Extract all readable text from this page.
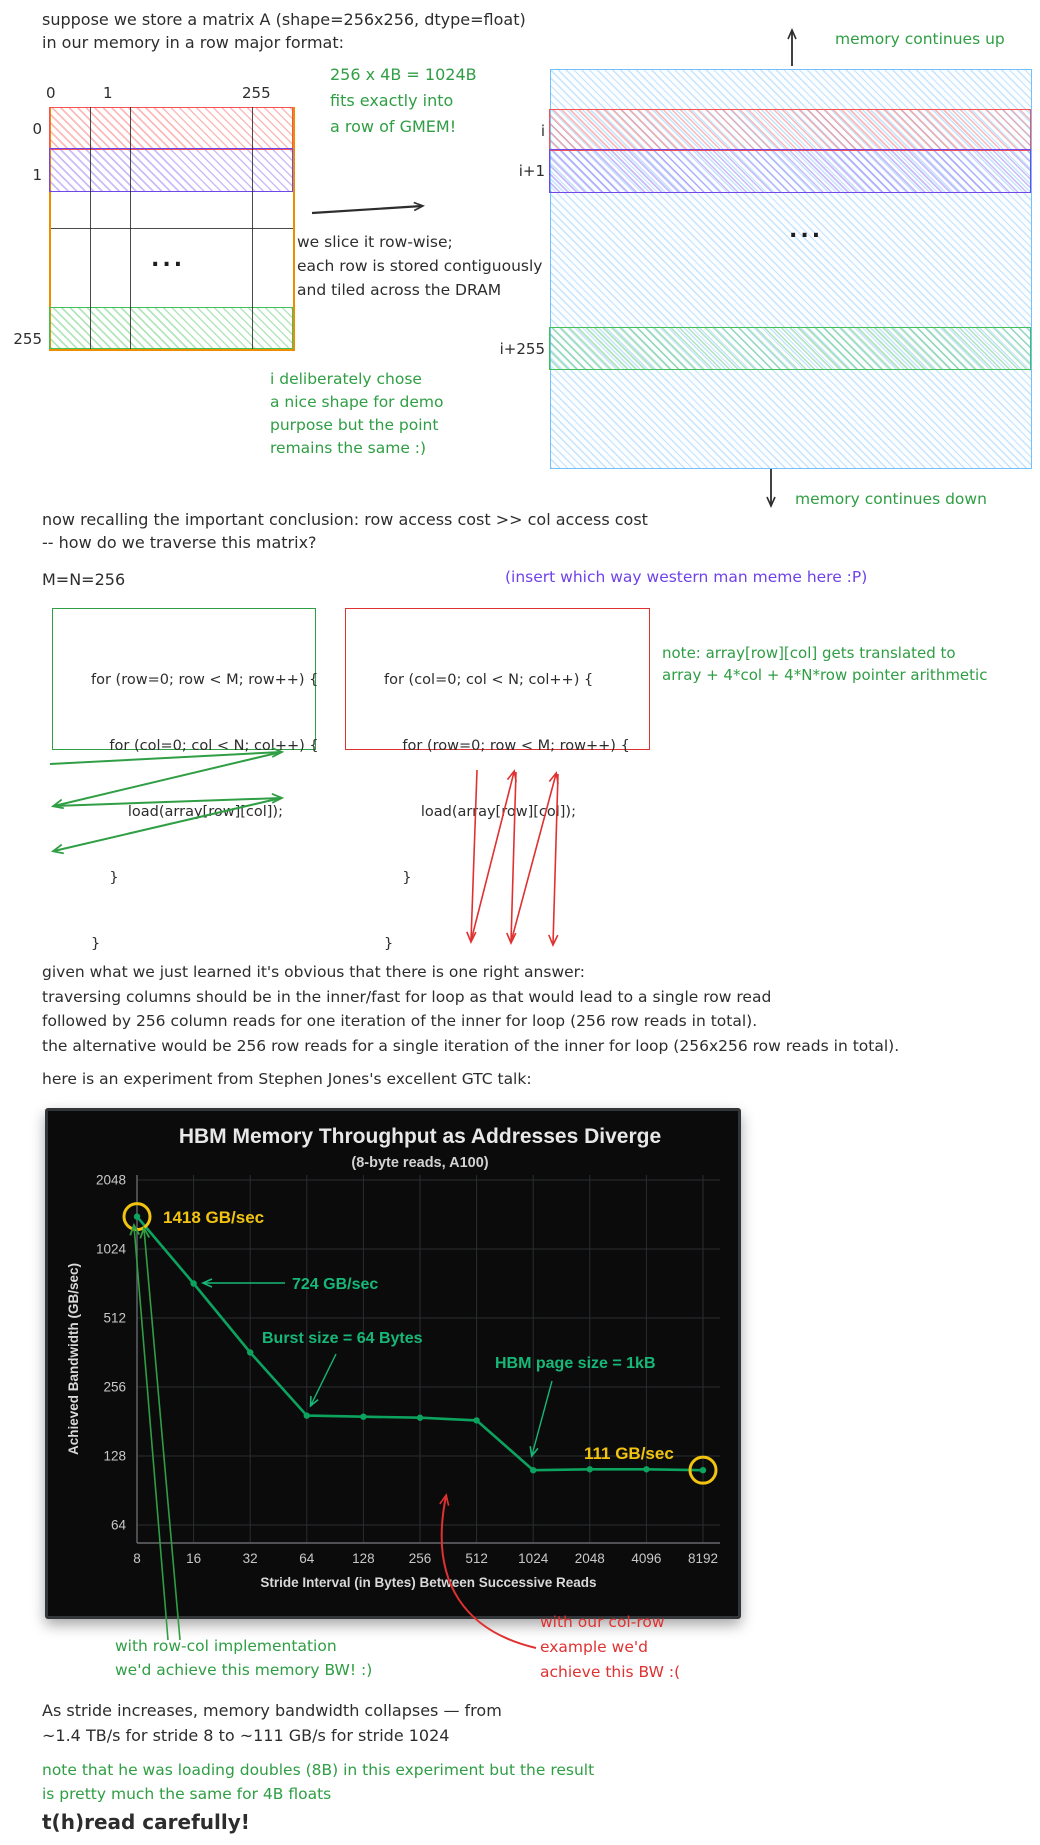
suppose we store a matrix A (shape=256x256, dtype=float)
in our memory in a row major format:
256 x 4B = 1024B
fits exactly into
a row of GMEM!
0	1	255
0
1
255
...
we slice it row-wise;
each row is stored contiguously
and tiled across the DRAM
i deliberately chose
a nice shape for demo
purpose but the point
remains the same :)
memory continues up
memory continues down
i
i+1
i+255
...
now recalling the important conclusion: row access cost >> col access cost
-- how do we traverse this matrix?
M=N=256	(insert which way western man meme here :P)

for (row=0; row < M; row++) {

for (col=0; col < N; col++) {

load(array[row][col]);

}

}

for (col=0; col < N; col++) {

for (row=0; row < M; row++) {

load(array[row][col]);

}

}

note: array[row][col] gets translated to
array + 4*col + 4*N*row pointer arithmetic
given what we just learned it's obvious that there is one right answer:
traversing columns should be in the inner/fast for loop as that would lead to a single row read
followed by 256 column reads for one iteration of the inner for loop (256 row reads in total).
the alternative would be 256 row reads for a single iteration of the inner for loop (256x256 row reads in total).
here is an experiment from Stephen Jones's excellent GTC talk:
HBM Memory Throughput as Addresses Diverge
(8-byte reads, A100)
2048
1024
512
256
128
64
8	16	32	64	128	256	512 1024 2048 4096 8192
Stride Interval (in Bytes) Between Successive Reads
Achieved Bandwidth (GB/sec)
1418 GB/sec
724 GB/sec
Burst size = 64 Bytes
HBM page size = 1kB
111 GB/sec
with row-col implementation
we'd achieve this memory BW! :)
with our col-row
example we'd
achieve this BW :(
As stride increases, memory bandwidth collapses — from
~1.4 TB/s for stride 8 to ~111 GB/s for stride 1024
note that he was loading doubles (8B) in this experiment but the result
is pretty much the same for 4B floats
t(h)read carefully!
